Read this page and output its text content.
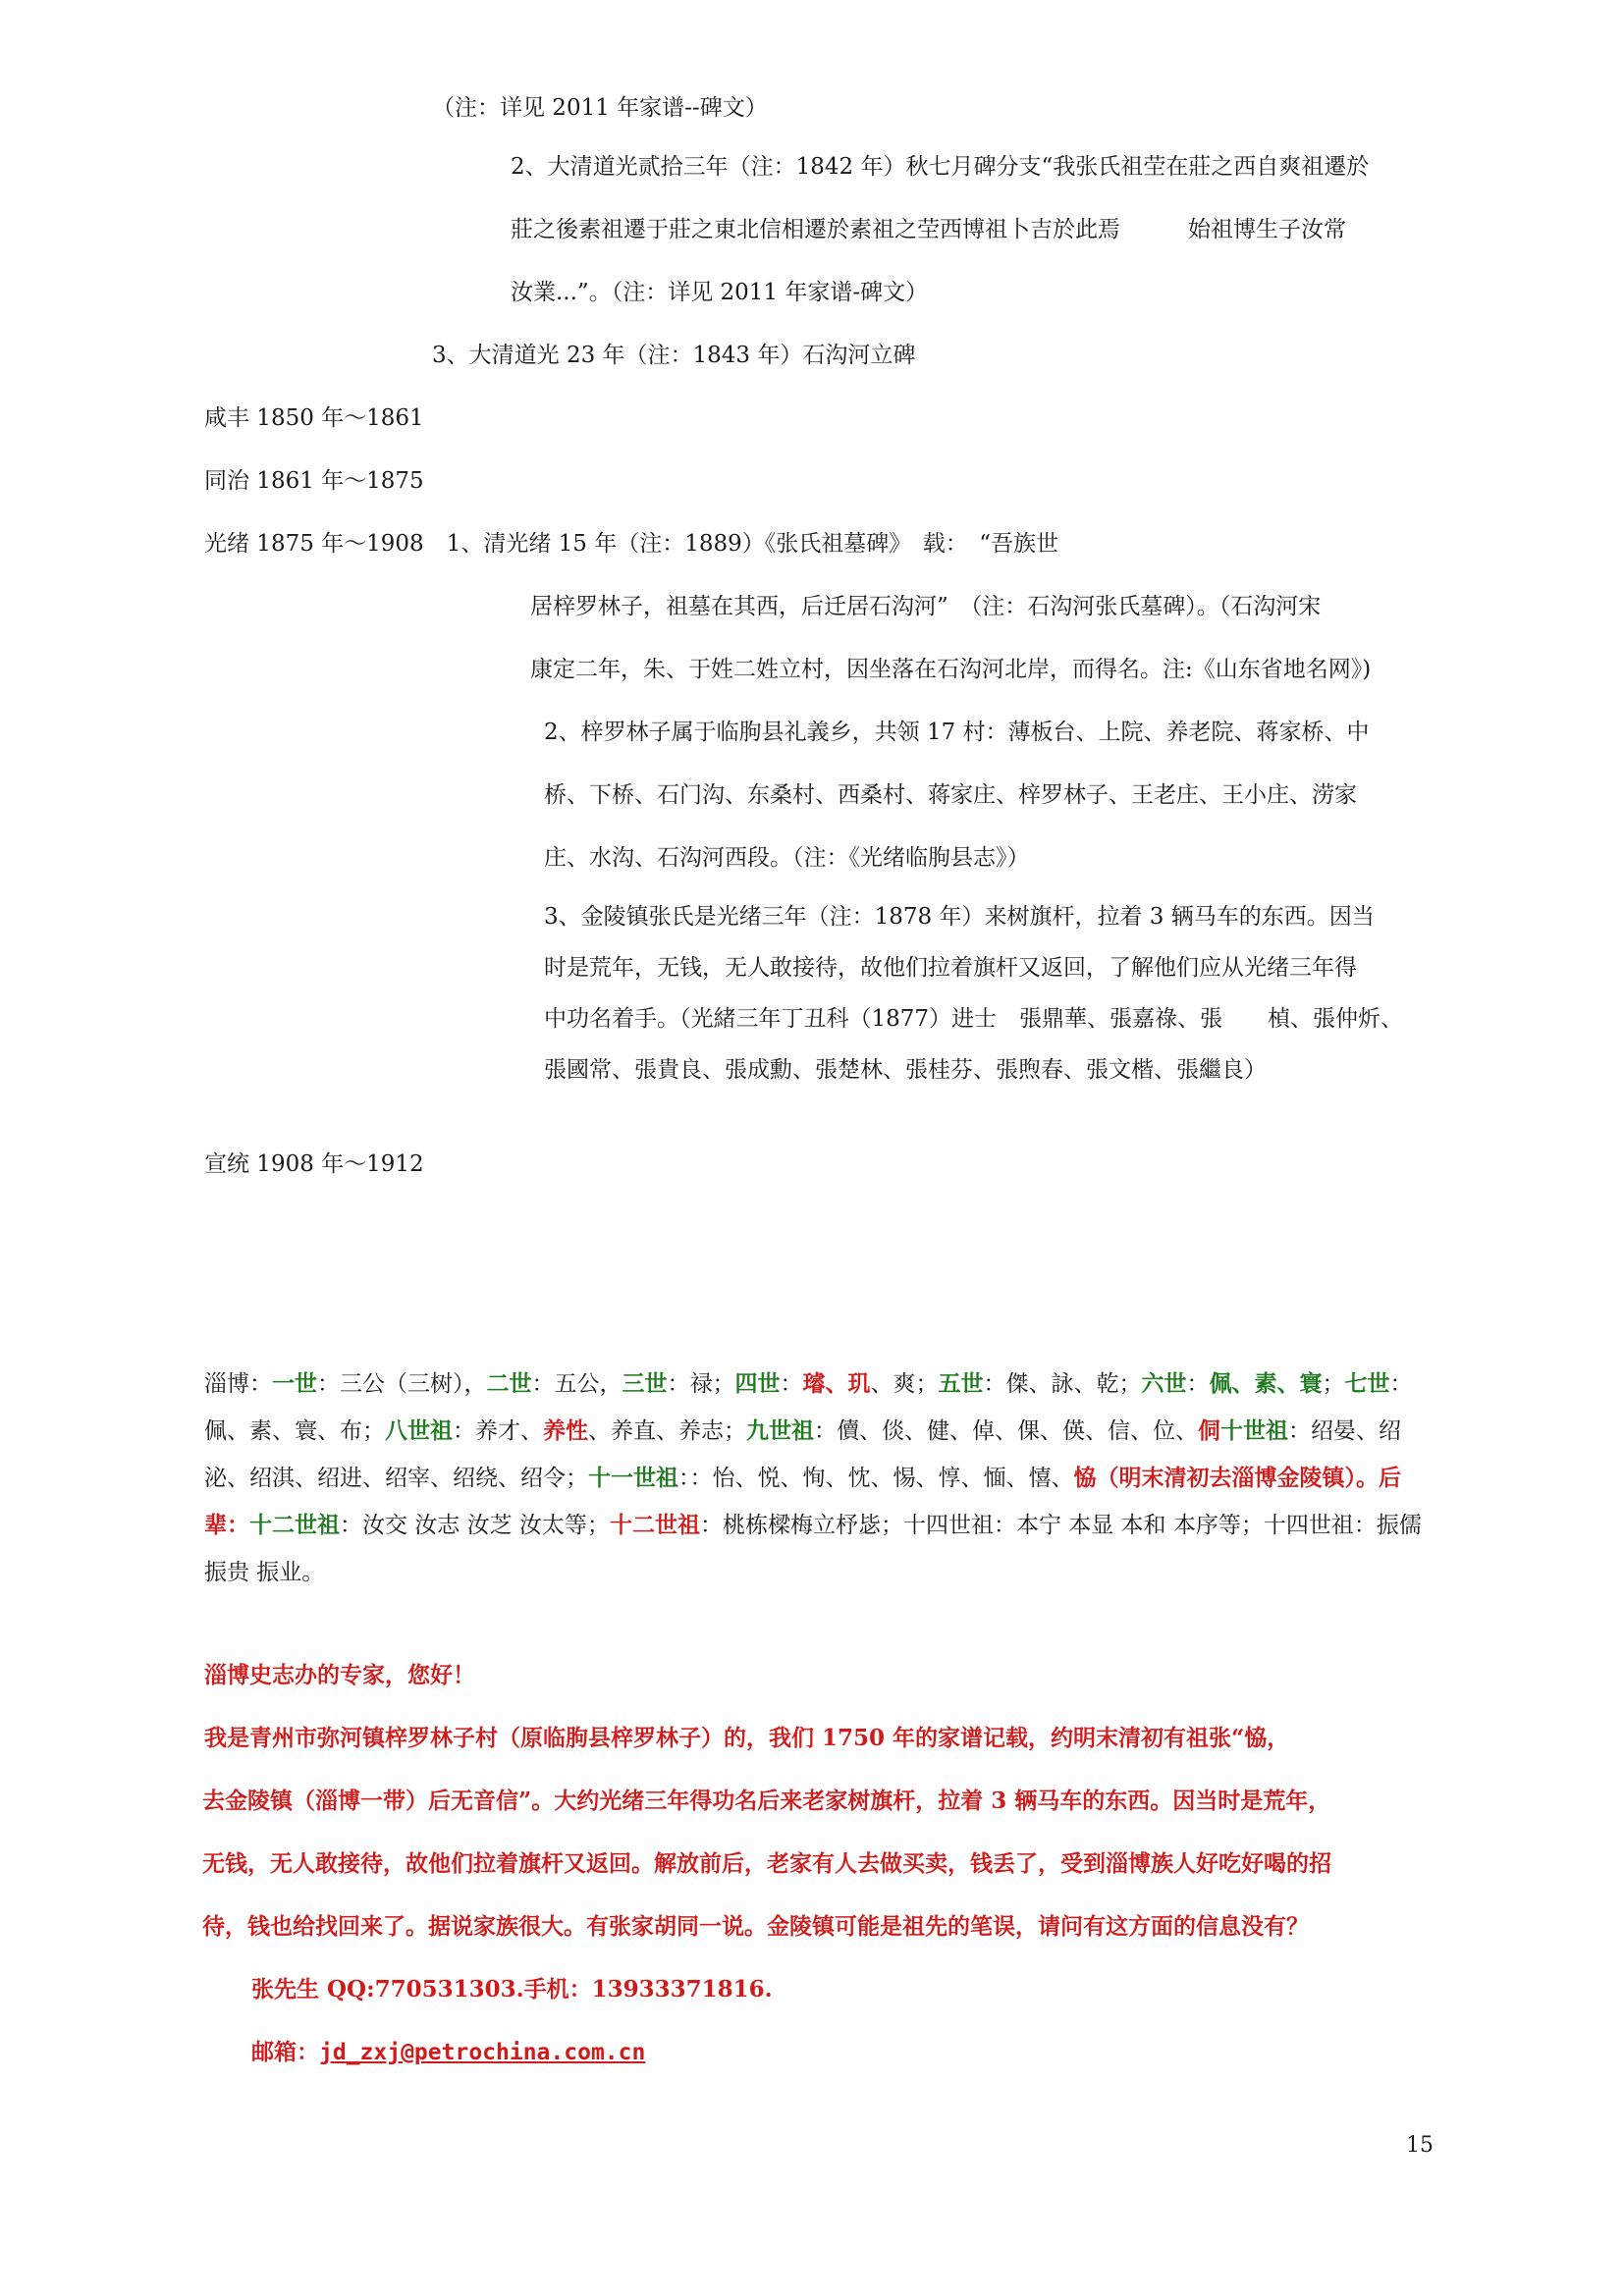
（注：详见 2011 年家谱--碑文）
2、大清道光贰拾三年（注：1842 年）秋七月碑分支“我张氏祖茔在莊之西自爽祖遷於
莊之後素祖遷于莊之東北信相遷於素祖之茔西博祖卜吉於此焉　　　始祖博生子汝常
汝業...”。（注：详见 2011 年家谱-碑文）
3、大清道光 23 年（注：1843 年）石沟河立碑
咸丰 1850 年～1861
同治 1861 年～1875
光绪 1875 年～1908　1、清光绪 15 年（注：1889）《张氏祖墓碑》　载：　“吾族世
居梓罗林子，祖墓在其西，后迁居石沟河”　（注：石沟河张氏墓碑）。（石沟河宋
康定二年，朱、于姓二姓立村，因坐落在石沟河北岸，而得名。注:《山东省地名网》)
2、梓罗林子属于临朐县礼義乡，共领 17 村：薄板台、上院、养老院、蒋家桥、中
桥、下桥、石门沟、东桑村、西桑村、蒋家庄、梓罗林子、王老庄、王小庄、涝家
庄、水沟、石沟河西段。（注：《光绪临朐县志》）
3、金陵镇张氏是光绪三年（注：1878 年）来树旗杆，拉着 3 辆马车的东西。因当
时是荒年，无钱，无人敢接待，故他们拉着旗杆又返回，了解他们应从光绪三年得
中功名着手。（光緒三年丁丑科（1877）进士　張鼎華、張嘉祿、張　　楨、張仲炘、
張國常、張貴良、張成勳、張楚林、張桂芬、張煦春、張文楷、張繼良）
宣统 1908 年～1912
淄博：一世：三公（三树），二世：五公，三世：禄；四世：璿、玑、爽；五世：傑、詠、乾；六世：佩、素、寰；七世：佩、素、寰、布；八世祖：养才、养性、养直、养志；九世祖：儥、倓、健、倬、倮、偀、信、位、侗十世祖：绍晏、绍泌、绍淇、绍进、绍宰、绍绕、绍令；十一世祖：：怡、悦、恂、忱、惕、惇、愐、憘、恊（明末清初去淄博金陵镇）。后辈：十二世祖：汝交 汝志 汝芝 汝太等；十二世祖：桃栋樑梅立杼毖；十四世祖：本宁 本显 本和 本序等；十四世祖：振儒 振贵 振业。
淄博史志办的专家，您好！
我是青州市弥河镇梓罗林子村（原临朐县梓罗林子）的，我们 1750 年的家谱记载，约明末清初有祖张“恊，
去金陵镇（淄博一带）后无音信”。大约光绪三年得功名后来老家树旗杆，拉着 3 辆马车的东西。因当时是荒年，
无钱，无人敢接待，故他们拉着旗杆又返回。解放前后，老家有人去做买卖，钱丢了，受到淄博族人好吃好喝的招
待，钱也给找回来了。据说家族很大。有张家胡同一说。金陵镇可能是祖先的笔误，请问有这方面的信息没有？
张先生 QQ:770531303.手机：13933371816.
邮箱：jd_zxj@petrochina.com.cn
15
